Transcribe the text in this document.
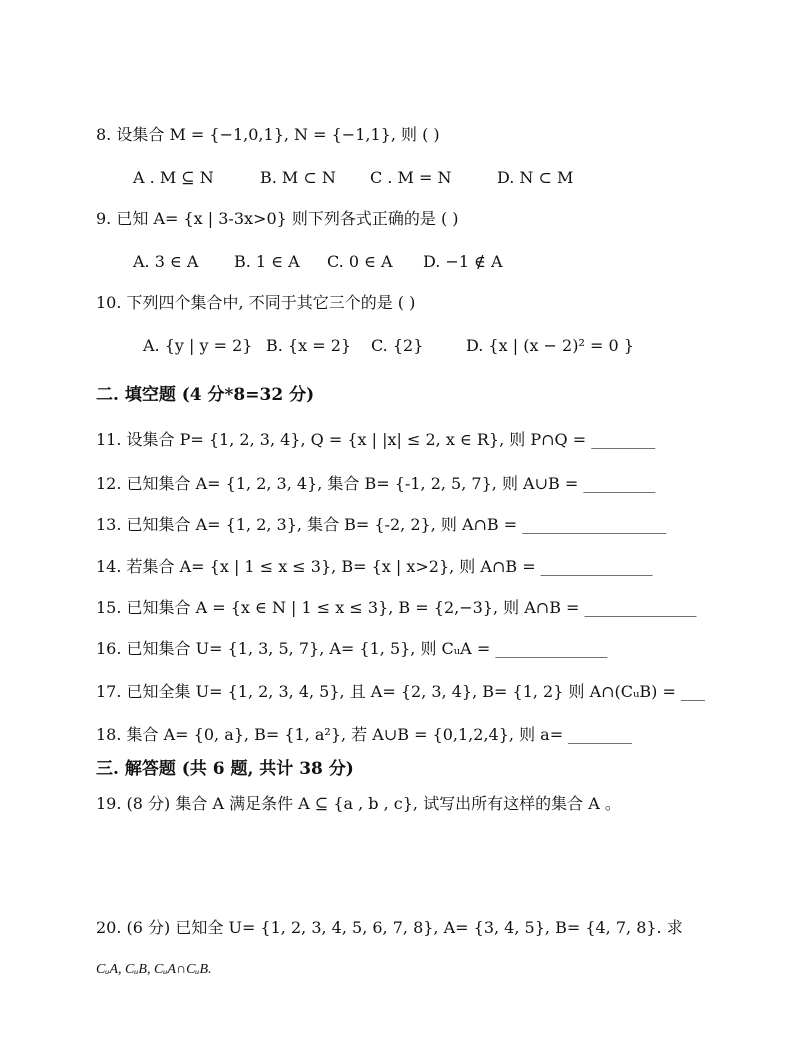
8. 设集合 M = {−1,0,1}, N = {−1,1}, 则 ( )
A . M ⊆ N	B. M ⊂ N C . M = N	D. N ⊂ M
9. 已知 A= {x | 3-3x>0} 则下列各式正确的是 ( )
A. 3 ∈ A B. 1 ∈ A C. 0 ∈ A D. −1 ∉ A
10. 下列四个集合中, 不同于其它三个的是 ( )
A. {y | y = 2} B. {x = 2} C. {2}	D. {x | (x − 2)² = 0 }
二. 填空题 (4 分*8=32 分)
11. 设集合 P= {1, 2, 3, 4}, Q = {x | |x| ≤ 2, x ∈ R}, 则 P∩Q = ________
12. 已知集合 A= {1, 2, 3, 4}, 集合 B= {-1, 2, 5, 7}, 则 A∪B = _________
13. 已知集合 A= {1, 2, 3}, 集合 B= {-2, 2}, 则 A∩B = __________________
14. 若集合 A= {x | 1 ≤ x ≤ 3}, B= {x | x>2}, 则 A∩B = ______________
15. 已知集合 A = {x ∈ N | 1 ≤ x ≤ 3}, B = {2,−3}, 则 A∩B = ______________
16. 已知集合 U= {1, 3, 5, 7}, A= {1, 5}, 则 CᵤA = ______________
17. 已知全集 U= {1, 2, 3, 4, 5}, 且 A= {2, 3, 4}, B= {1, 2} 则 A∩(CᵤB) = ___
18. 集合 A= {0, a}, B= {1, a²}, 若 A∪B = {0,1,2,4}, 则 a= ________
三. 解答题 (共 6 题, 共计 38 分)
19. (8 分) 集合 A 满足条件 A ⊆ {a , b , c}, 试写出所有这样的集合 A 。
20. (6 分) 已知全 U= {1, 2, 3, 4, 5, 6, 7, 8}, A= {3, 4, 5}, B= {4, 7, 8}. 求
CᵤA, CᵤB, CᵤA∩CᵤB.
